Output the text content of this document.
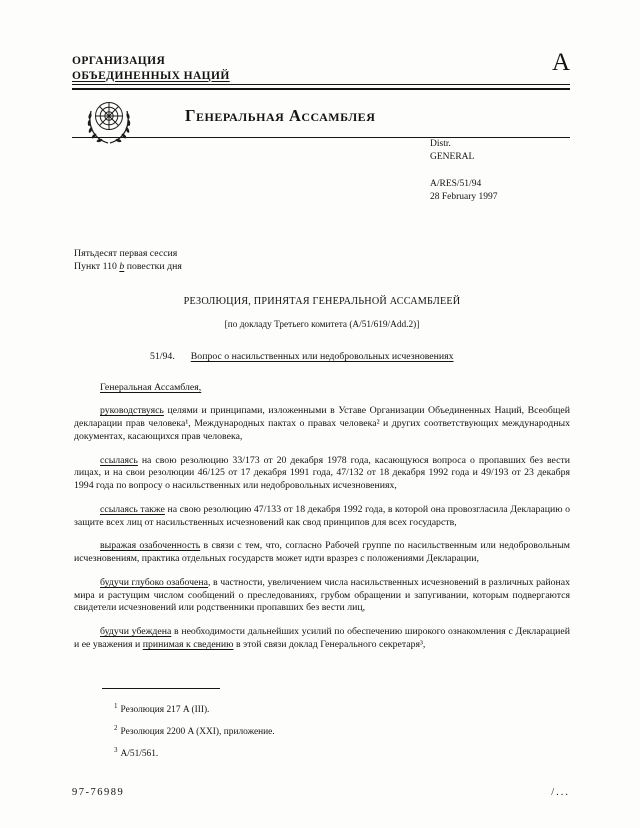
ОРГАНИЗАЦИЯ
ОБЪЕДИНЕННЫХ НАЦИЙ	A
Генеральная Ассамблея
Distr.
GENERAL
A/RES/51/94
28 February 1997

Пятьдесят первая сессия

Пункт 110 b повестки дня

РЕЗОЛЮЦИЯ, ПРИНЯТАЯ ГЕНЕРАЛЬНОЙ АССАМБЛЕЕЙ

[по докладу Третьего комитета (A/51/619/Add.2)]

51/94. Вопрос о насильственных или недобровольных исчезновениях

Генеральная Ассамблея,

руководствуясь целями и принципами, изложенными в Уставе Организации Объединенных Наций, Всеобщей декларации прав человека¹, Международных пактах о правах человека² и других соответствующих международных документах, касающихся прав человека,

ссылаясь на свою резолюцию 33/173 от 20 декабря 1978 года, касающуюся вопроса о пропавших без вести лицах, и на свои резолюции 46/125 от 17 декабря 1991 года, 47/132 от 18 декабря 1992 года и 49/193 от 23 декабря 1994 года по вопросу о насильственных или недобровольных исчезновениях,

ссылаясь также на свою резолюцию 47/133 от 18 декабря 1992 года, в которой она провозгласила Декларацию о защите всех лиц от насильственных исчезновений как свод принципов для всех государств,

выражая озабоченность в связи с тем, что, согласно Рабочей группе по насильственным или недобровольным исчезновениям, практика отдельных государств может идти вразрез с положениями Декларации,

будучи глубоко озабочена, в частности, увеличением числа насильственных исчезновений в различных районах мира и растущим числом сообщений о преследованиях, грубом обращении и запугивании, которым подвергаются свидетели исчезновений или родственники пропавших без вести лиц,

будучи убеждена в необходимости дальнейших усилий по обеспечению широкого ознакомления с Декларацией и ее уважения и принимая к сведению в этой связи доклад Генерального секретаря³,

$^1$ Резолюция 217 A (III).

$^2$ Резолюция 2200 A (XXI), приложение.

$^3$ A/51/561.

97-76989	/...
